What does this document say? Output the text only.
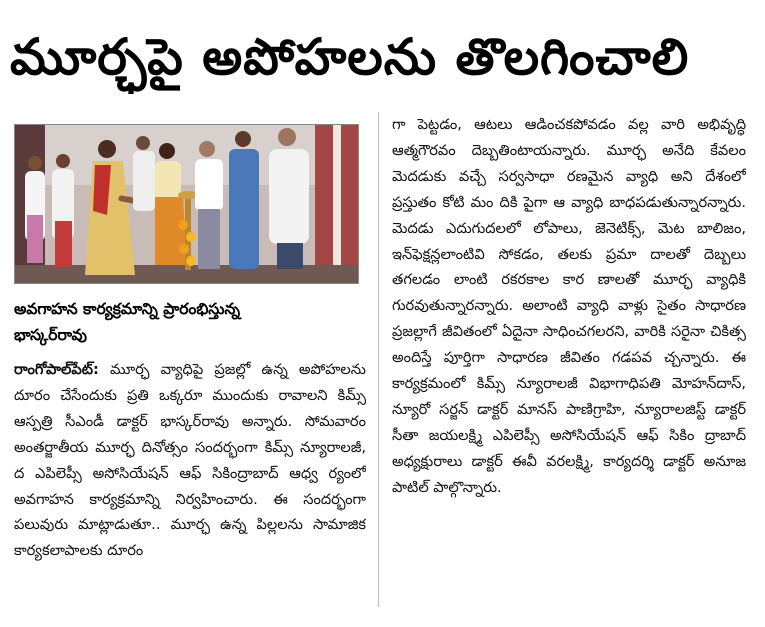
మూర్ఛపై అపోహలను తొలగించాలి
అవగాహన కార్యక్రమాన్ని ప్రారంభిస్తున్న
భాస్కర్‌రావు
రాంగోపాల్‌పేట్: మూర్ఛ వ్యాధిపై ప్రజల్లో ఉన్న అపోహలను దూరం చేసేందుకు ప్రతి ఒక్కరూ ముందుకు రావాలని కిమ్స్ ఆస్పత్రి సీఎండీ డాక్టర్ భాస్కర్‌రావు అన్నారు. సోమవారం అంతర్జాతీయ మూర్ఛ దినోత్సం సందర్భంగా కిమ్స్ న్యూరాలజీ, ద ఎపిలెప్సీ అసోసియేషన్ ఆఫ్ సికింద్రాబాద్ ఆధ్వ ర్యంలో అవగాహన కార్యక్రమాన్ని నిర్వహించారు. ఈ సందర్భంగా పలువురు మాట్లాడుతూ.. మూర్ఛ ఉన్న పిల్లలను సామాజిక కార్యకలాపాలకు దూరం
గా పెట్టడం, ఆటలు ఆడించకపోవడం వల్ల వారి అభివృద్ధి ఆత్మగౌరవం దెబ్బతింటాయన్నారు. మూర్ఛ అనేది కేవలం మెదడుకు వచ్చే సర్వసాధా రణమైన వ్యాధి అని దేశంలో ప్రస్తుతం కోటి మం దికి పైగా ఆ వ్యాధి బాధపడుతున్నారన్నారు. మెదడు ఎదుగుదలలో లోపాలు, జెనెటిక్స్, మెట బాలిజం, ఇన్‌ఫెక్షన్లలాంటివి సోకడం, తలకు ప్రమా దాలతో దెబ్బలు తగలడం లాంటి రకరకాల కార ణాలతో మూర్ఛ వ్యాధికి గురవుతున్నారన్నారు. అలాంటి వ్యాధి వాళ్లు సైతం సాధారణ ప్రజల్లాగే జీవితంలో ఏదైనా సాధించగలరని, వారికి సరైనా చికిత్స అందిస్తే పూర్తిగా సాధారణ జీవితం గడపవ చ్చన్నారు. ఈ కార్యక్రమంలో కిమ్స్ న్యూరాలజీ విభాగాధిపతి మోహన్‌దాస్, న్యూరో సర్జన్ డాక్టర్ మానస్ పాణిగ్రాహి, న్యూరాలజిస్ట్ డాక్టర్ సీతా జయలక్ష్మి ఎపిలెప్సీ అసోసియేషన్ ఆఫ్ సికిం ద్రాబాద్ అధ్యక్షురాలు డాక్టర్ ఈవీ వరలక్ష్మి, కార్యదర్శి డాక్టర్ అనూజ పాటిల్ పాల్గొన్నారు.
